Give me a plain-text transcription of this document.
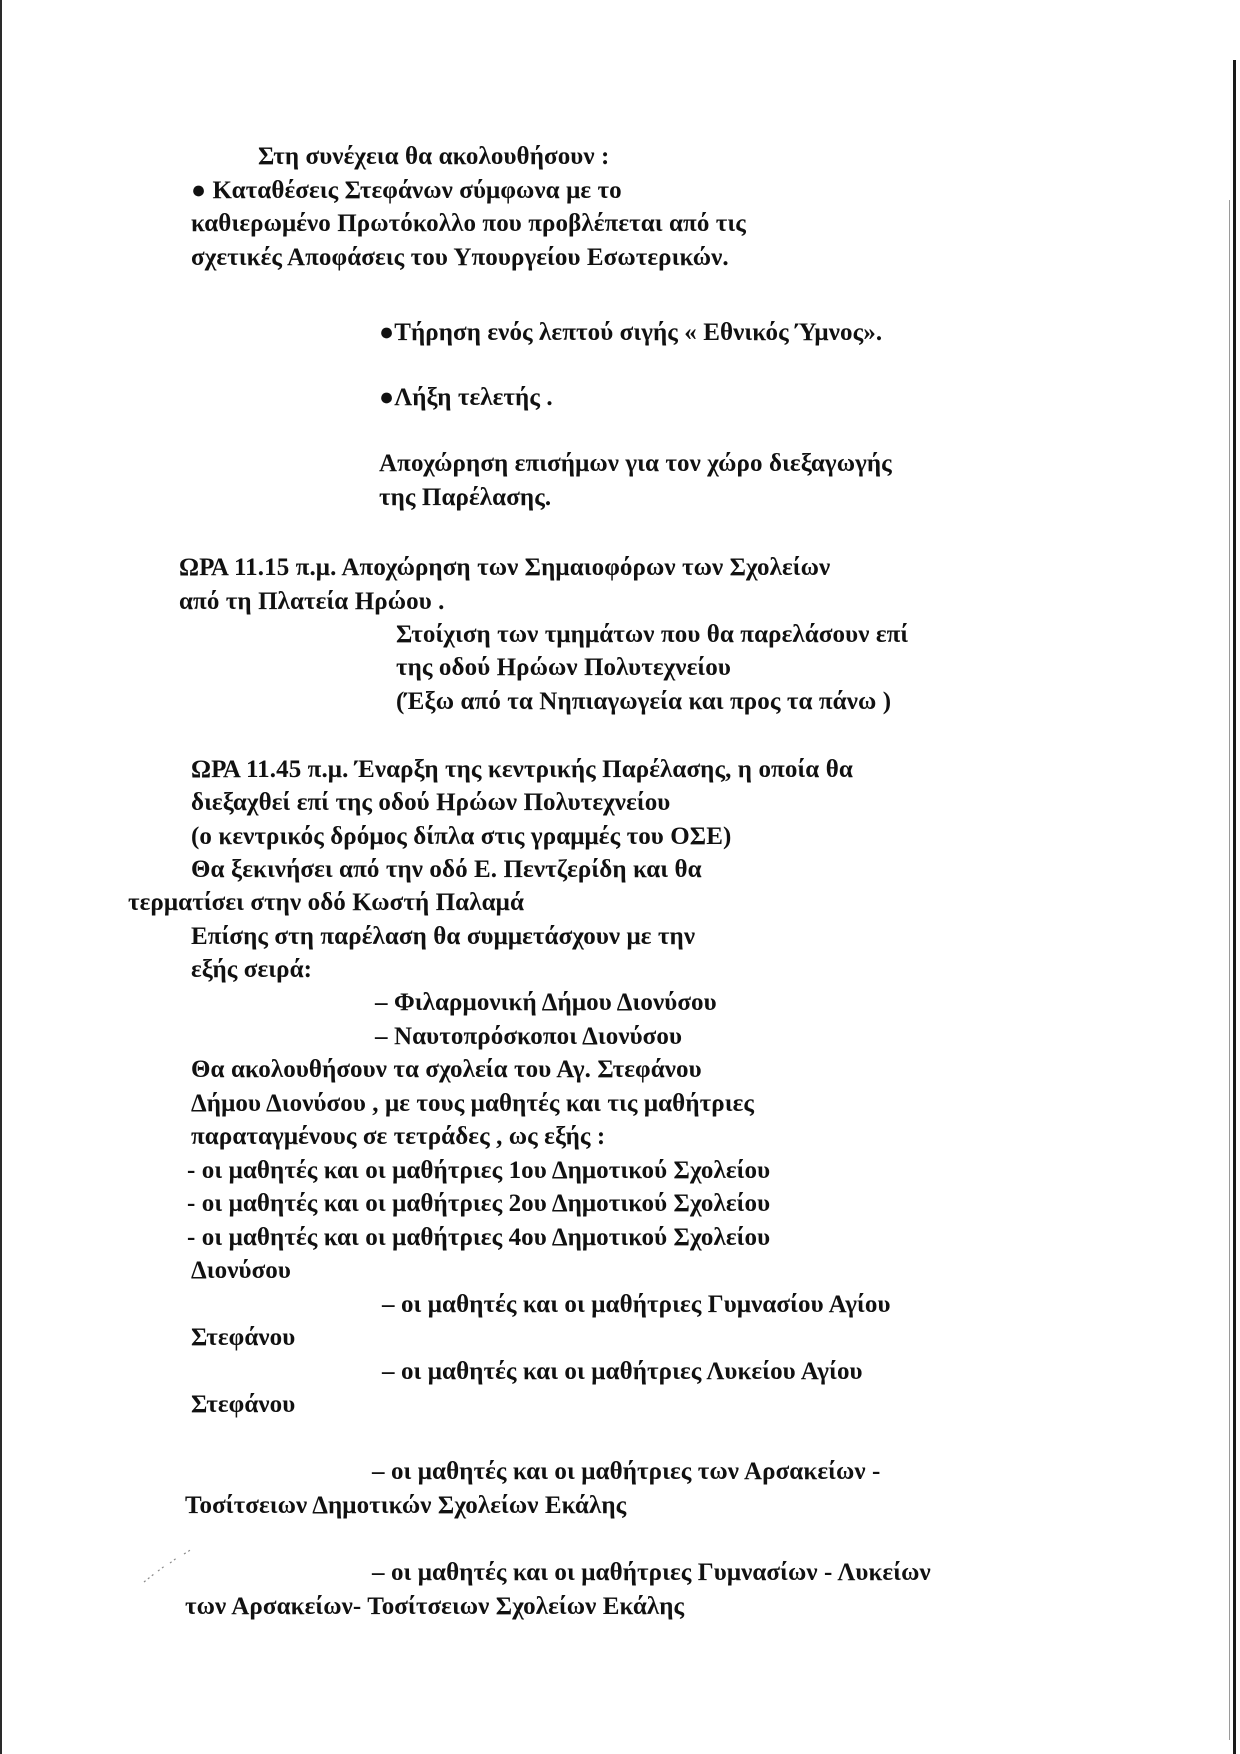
Στη συνέχεια θα ακολουθήσουν :
● Καταθέσεις Στεφάνων σύμφωνα με το
καθιερωμένο Πρωτόκολλο που προβλέπεται από τις
σχετικές Αποφάσεις του Υπουργείου Εσωτερικών.
●Τήρηση ενός λεπτού σιγής « Εθνικός Ύμνος».
●Λήξη τελετής .
Αποχώρηση επισήμων για τον χώρο διεξαγωγής
της Παρέλασης.
ΩΡΑ 11.15 π.μ. Αποχώρηση των Σημαιοφόρων των Σχολείων
από τη Πλατεία Ηρώου .
Στοίχιση των τμημάτων που θα παρελάσουν επί
της οδού Ηρώων Πολυτεχνείου
(Έξω από τα Νηπιαγωγεία και προς τα πάνω )
ΩΡΑ 11.45 π.μ. Έναρξη της κεντρικής Παρέλασης, η οποία θα
διεξαχθεί επί της οδού Ηρώων Πολυτεχνείου
(ο κεντρικός δρόμος δίπλα στις γραμμές του ΟΣΕ)
Θα ξεκινήσει από την οδό Ε. Πεντζερίδη και θα
τερματίσει στην οδό Κωστή Παλαμά
Επίσης στη παρέλαση θα συμμετάσχουν με την
εξής σειρά:
– Φιλαρμονική Δήμου Διονύσου
– Ναυτοπρόσκοποι Διονύσου
Θα ακολουθήσουν τα σχολεία του Αγ. Στεφάνου
Δήμου Διονύσου , με τους μαθητές και τις μαθήτριες
παραταγμένους σε τετράδες , ως εξής :
- οι μαθητές και οι μαθήτριες 1ου Δημοτικού Σχολείου
- οι μαθητές και οι μαθήτριες 2ου Δημοτικού Σχολείου
- οι μαθητές και οι μαθήτριες 4ου Δημοτικού Σχολείου
Διονύσου
– οι μαθητές και οι μαθήτριες Γυμνασίου Αγίου
Στεφάνου
– οι μαθητές και οι μαθήτριες Λυκείου Αγίου
Στεφάνου
– οι μαθητές και οι μαθήτριες των Αρσακείων -
Τοσίτσειων Δημοτικών Σχολείων Εκάλης
– οι μαθητές και οι μαθήτριες Γυμνασίων - Λυκείων
των Αρσακείων- Τοσίτσειων Σχολείων Εκάλης
